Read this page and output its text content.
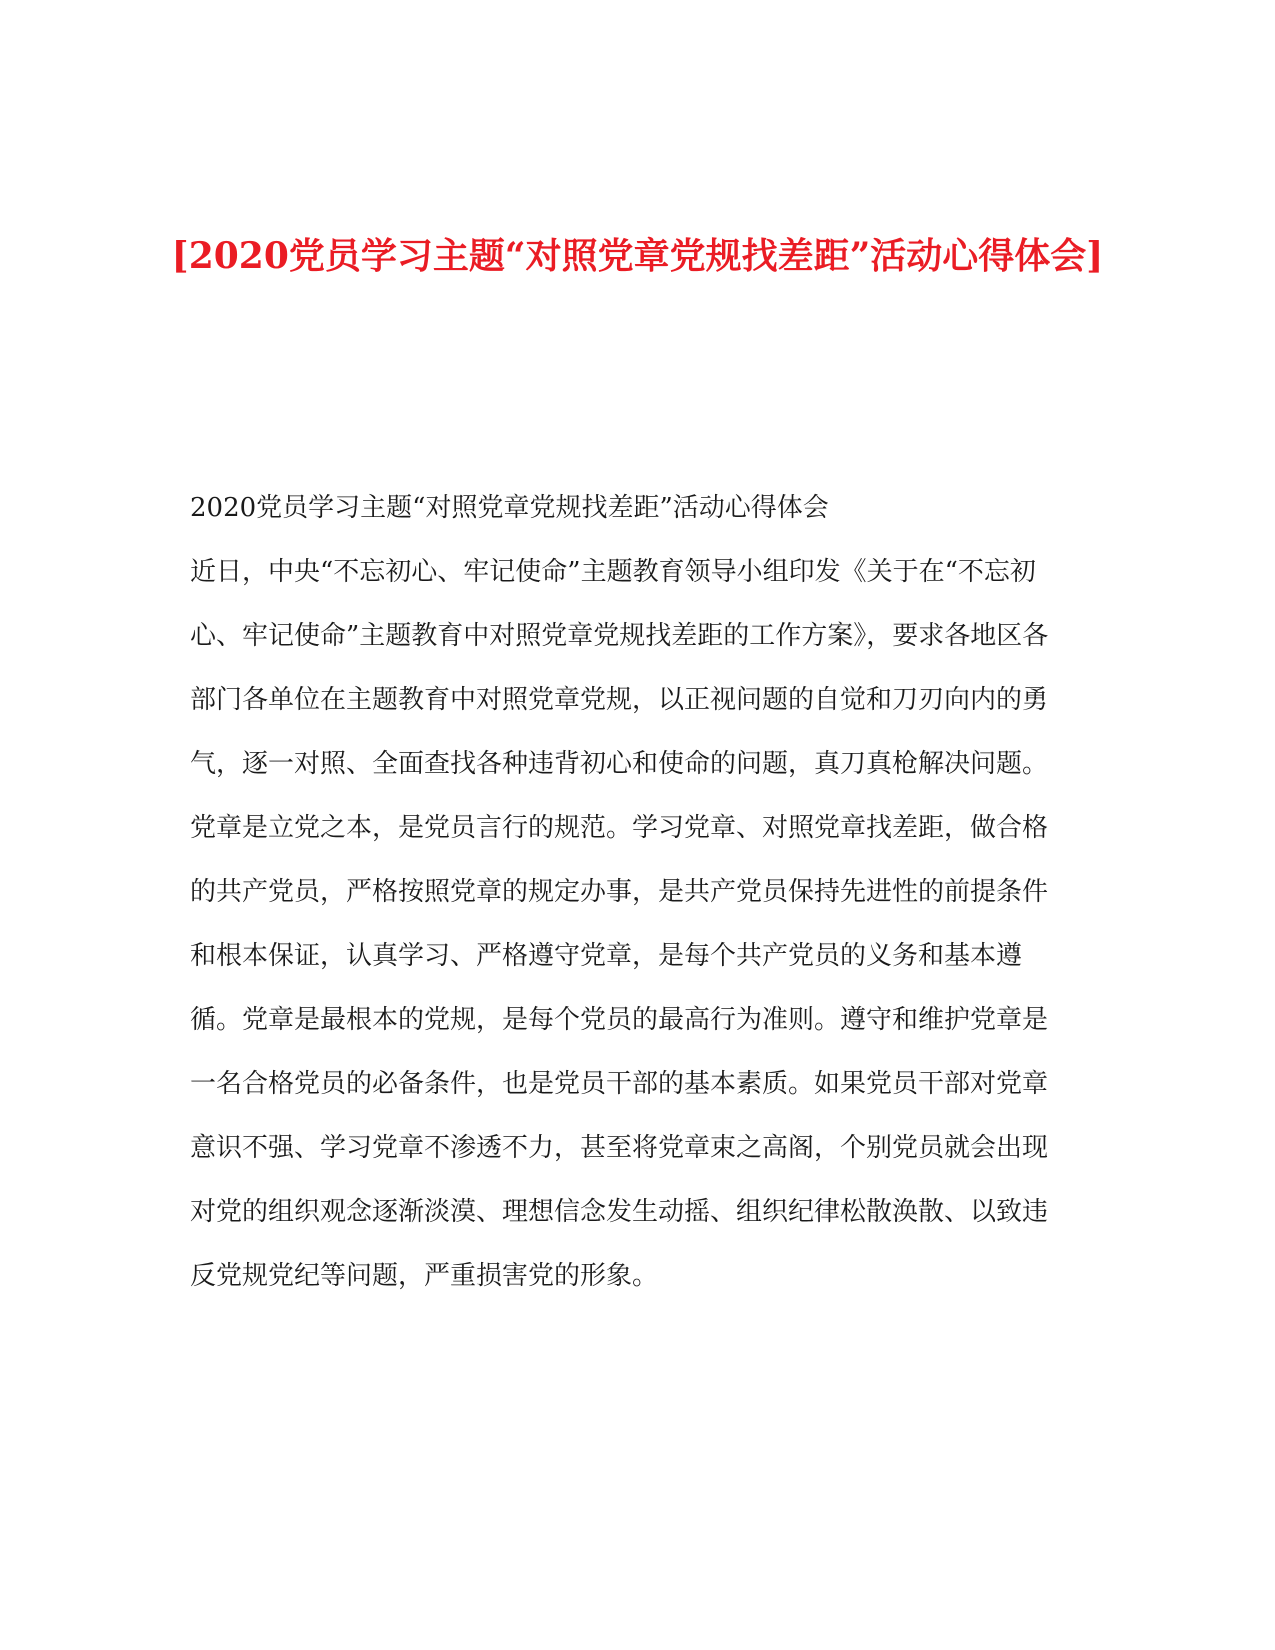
[2020党员学习主题“对照党章党规找差距”活动心得体会]

2020党员学习主题“对照党章党规找差距”活动心得体会

近日，中央“不忘初心、牢记使命”主题教育领导小组印发《关于在“不忘初心、牢记使命”主题教育中对照党章党规找差距的工作方案》，要求各地区各部门各单位在主题教育中对照党章党规，以正视问题的自觉和刀刃向内的勇气，逐一对照、全面查找各种违背初心和使命的问题，真刀真枪解决问题。

党章是立党之本，是党员言行的规范。学习党章、对照党章找差距，做合格的共产党员，严格按照党章的规定办事，是共产党员保持先进性的前提条件和根本保证，认真学习、严格遵守党章，是每个共产党员的义务和基本遵循。党章是最根本的党规，是每个党员的最高行为准则。遵守和维护党章是一名合格党员的必备条件，也是党员干部的基本素质。如果党员干部对党章意识不强、学习党章不渗透不力，甚至将党章束之高阁，个别党员就会出现对党的组织观念逐渐淡漠、理想信念发生动摇、组织纪律松散涣散、以致违反党规党纪等问题，严重损害党的形象。
